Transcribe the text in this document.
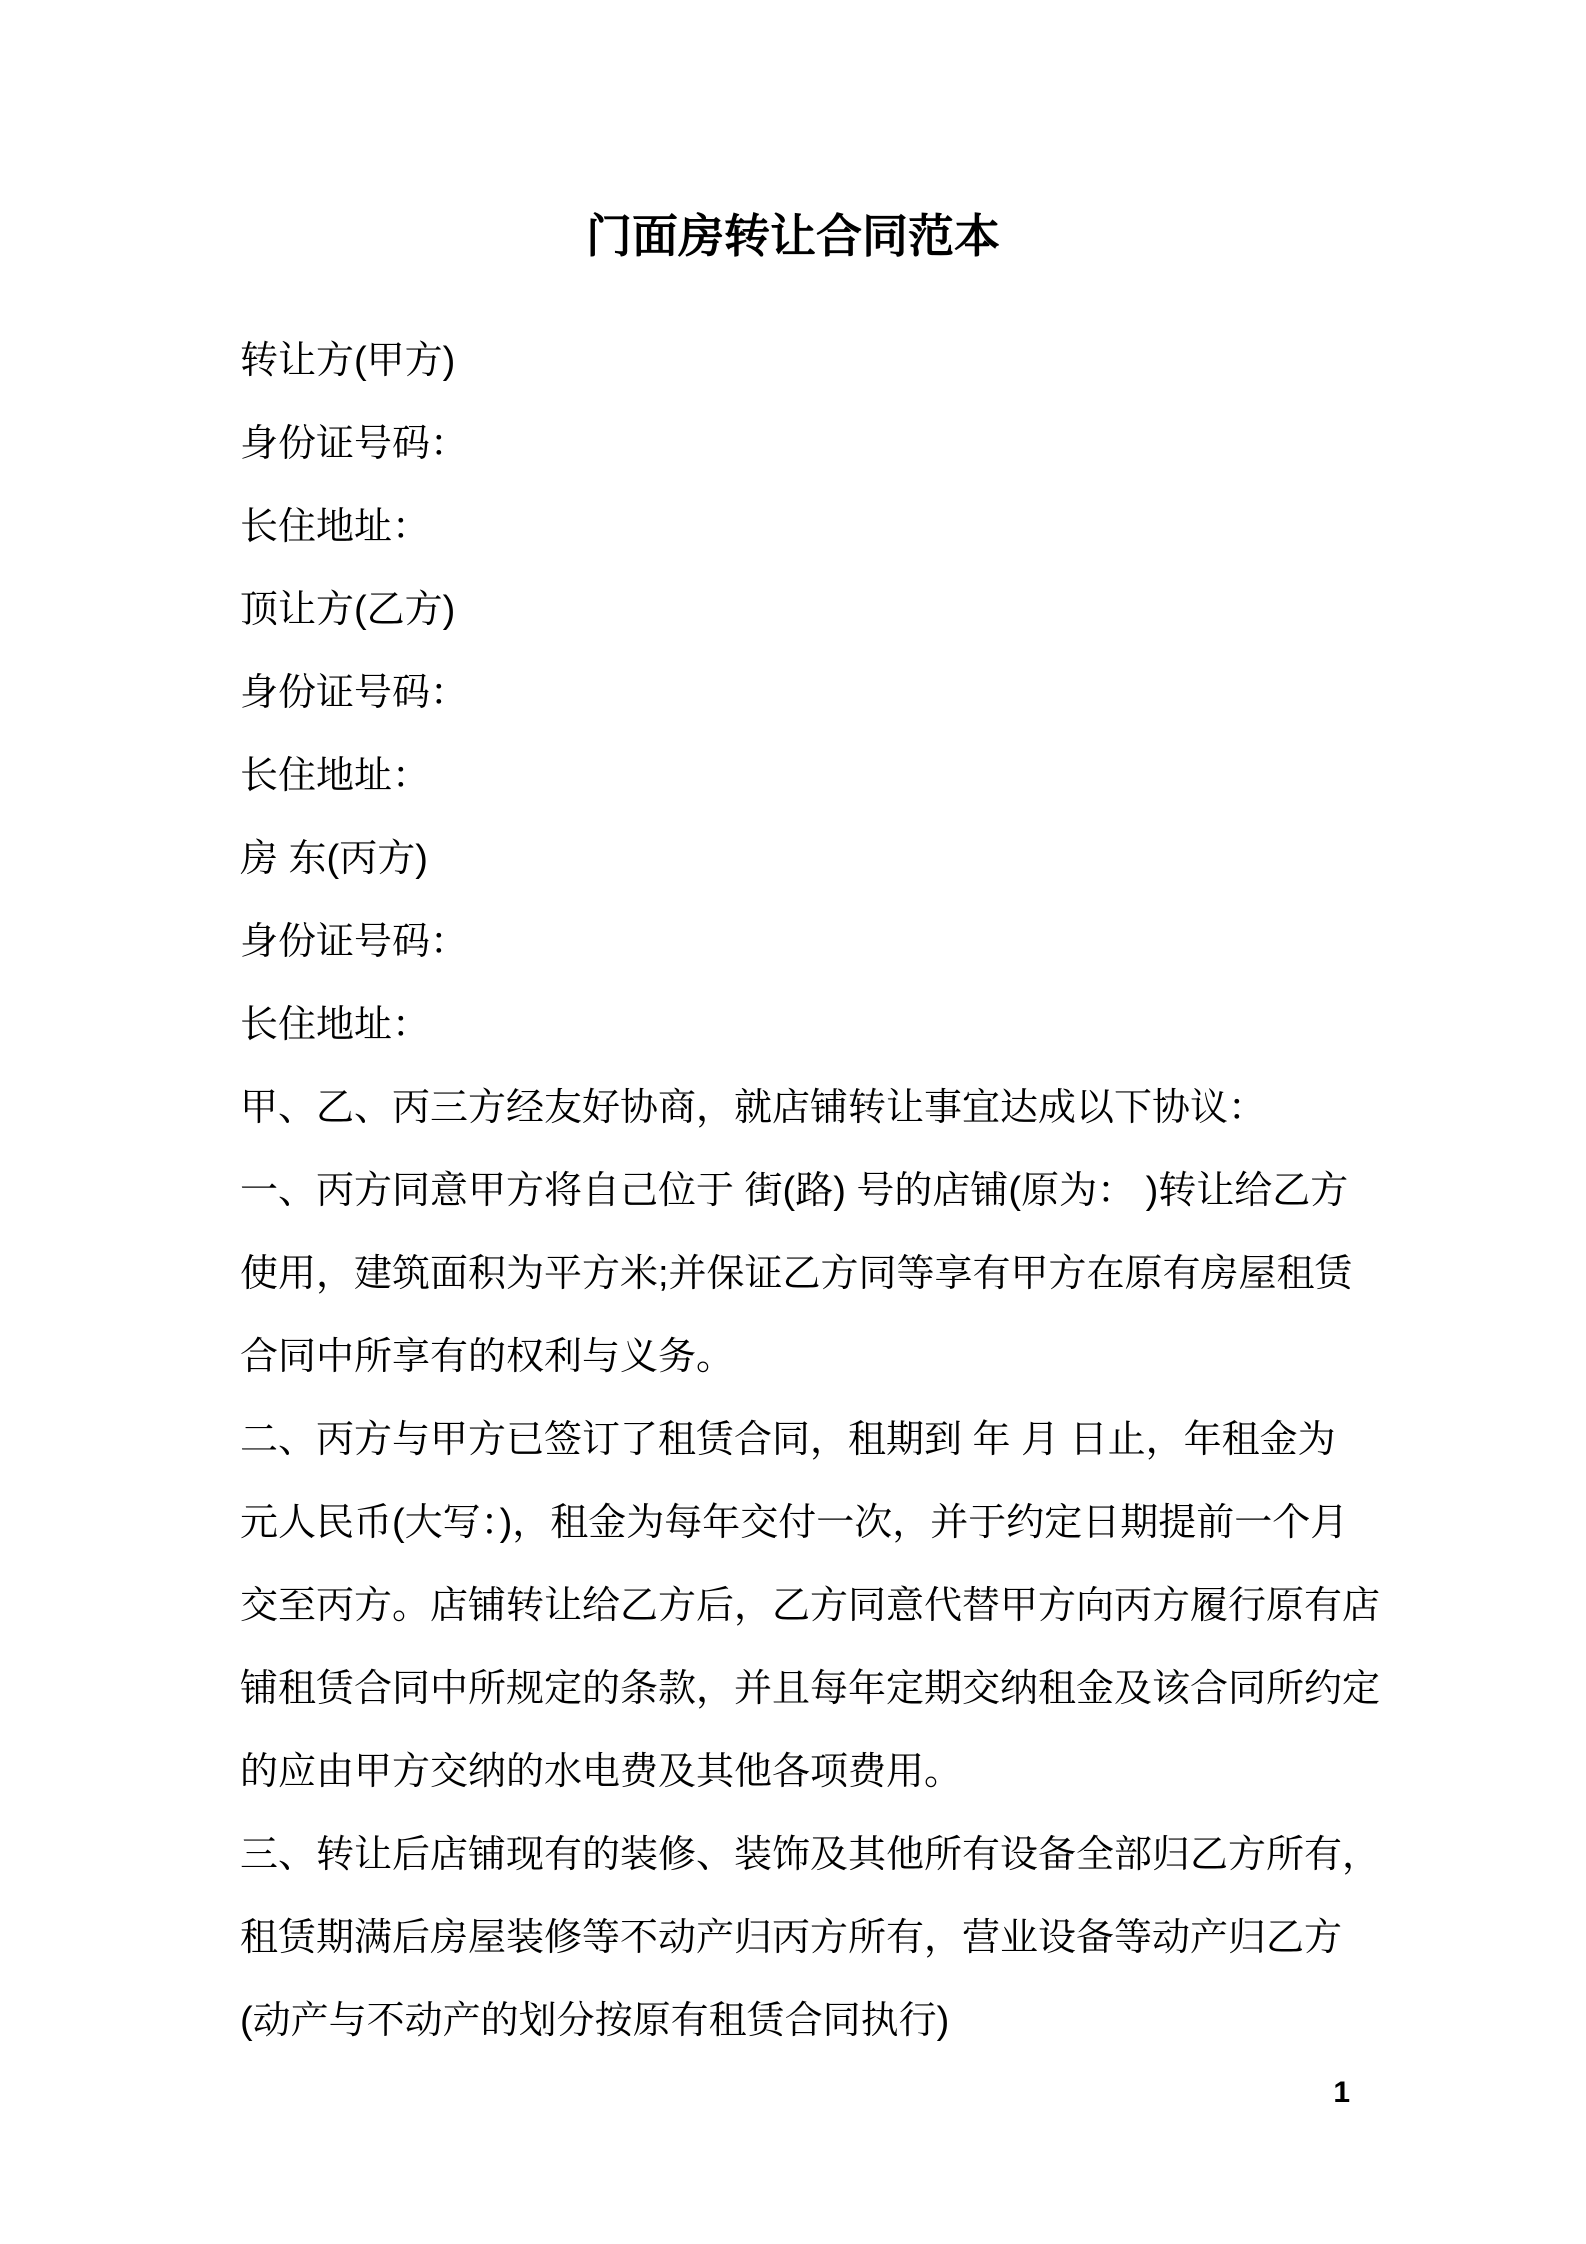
门面房转让合同范本
转让方(甲方)
身份证号码：
长住地址：
顶让方(乙方)
身份证号码：
长住地址：
房 东(丙方)
身份证号码：
长住地址：
甲、乙、丙三方经友好协商，就店铺转让事宜达成以下协议：
一、丙方同意甲方将自己位于 街(路) 号的店铺(原为： )转让给乙方
使用，建筑面积为平方米;并保证乙方同等享有甲方在原有房屋租赁
合同中所享有的权利与义务。
二、丙方与甲方已签订了租赁合同，租期到 年 月 日止，年租金为
元人民币(大写：)，租金为每年交付一次，并于约定日期提前一个月
交至丙方。店铺转让给乙方后，乙方同意代替甲方向丙方履行原有店
铺租赁合同中所规定的条款，并且每年定期交纳租金及该合同所约定
的应由甲方交纳的水电费及其他各项费用。
三、转让后店铺现有的装修、装饰及其他所有设备全部归乙方所有，
租赁期满后房屋装修等不动产归丙方所有，营业设备等动产归乙方
(动产与不动产的划分按原有租赁合同执行)
1
